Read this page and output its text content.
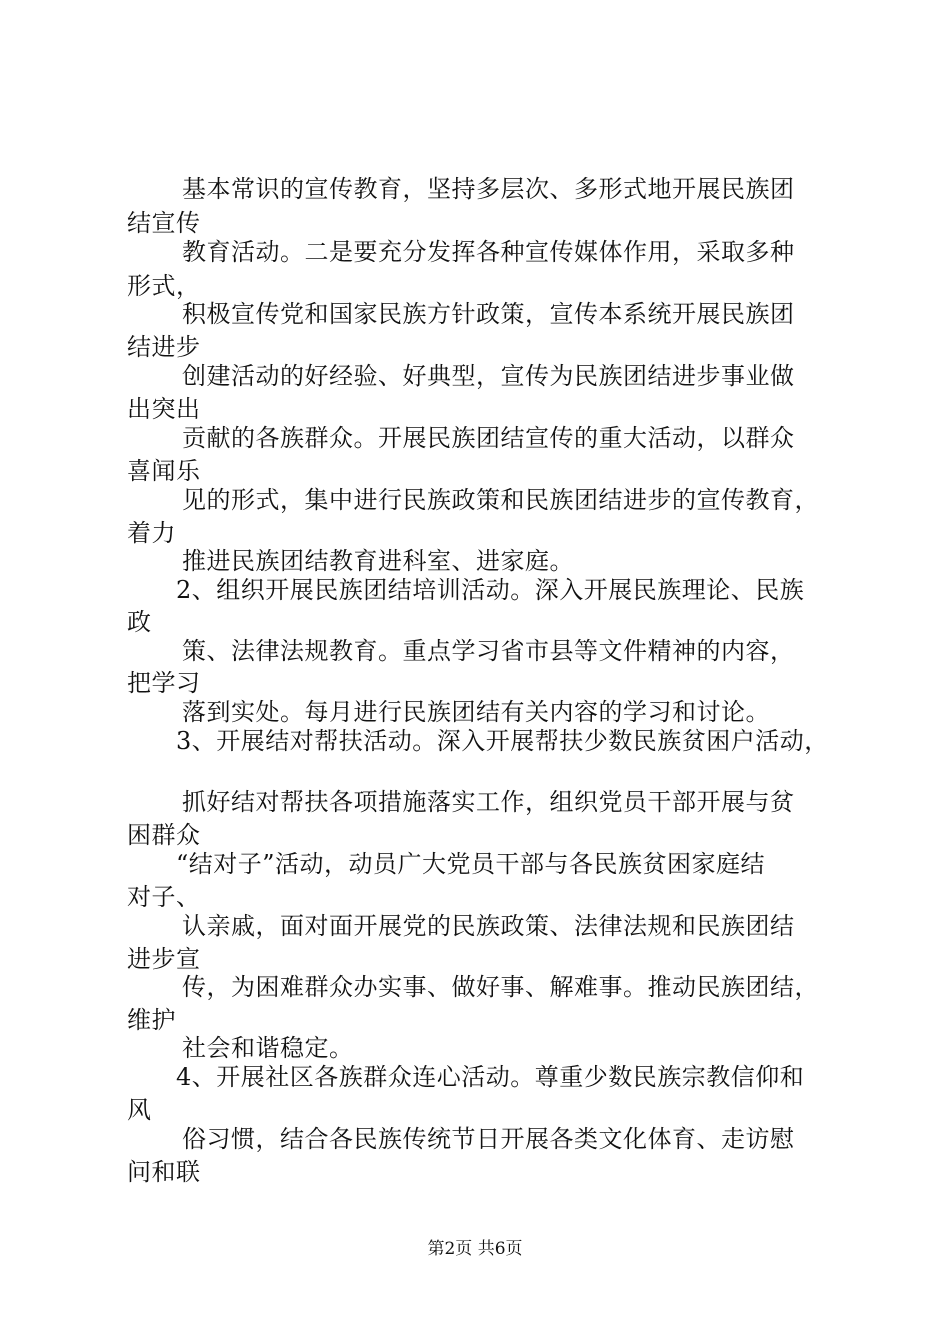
基本常识的宣传教育，坚持多层次、多形式地开展民族团
结宣传
教育活动。二是要充分发挥各种宣传媒体作用，采取多种
形式，
积极宣传党和国家民族方针政策，宣传本系统开展民族团
结进步
创建活动的好经验、好典型，宣传为民族团结进步事业做
出突出
贡献的各族群众。开展民族团结宣传的重大活动，以群众
喜闻乐
见的形式，集中进行民族政策和民族团结进步的宣传教育，
着力
推进民族团结教育进科室、进家庭。
2、组织开展民族团结培训活动。深入开展民族理论、民族
政
策、法律法规教育。重点学习省市县等文件精神的内容，
把学习
落到实处。每月进行民族团结有关内容的学习和讨论。
3、开展结对帮扶活动。深入开展帮扶少数民族贫困户活动，
抓好结对帮扶各项措施落实工作，组织党员干部开展与贫
困群众
“结对子”活动，动员广大党员干部与各民族贫困家庭结
对子、
认亲戚，面对面开展党的民族政策、法律法规和民族团结
进步宣
传，为困难群众办实事、做好事、解难事。推动民族团结，
维护
社会和谐稳定。
4、开展社区各族群众连心活动。尊重少数民族宗教信仰和
风
俗习惯，结合各民族传统节日开展各类文化体育、走访慰
问和联
第2页 共6页
